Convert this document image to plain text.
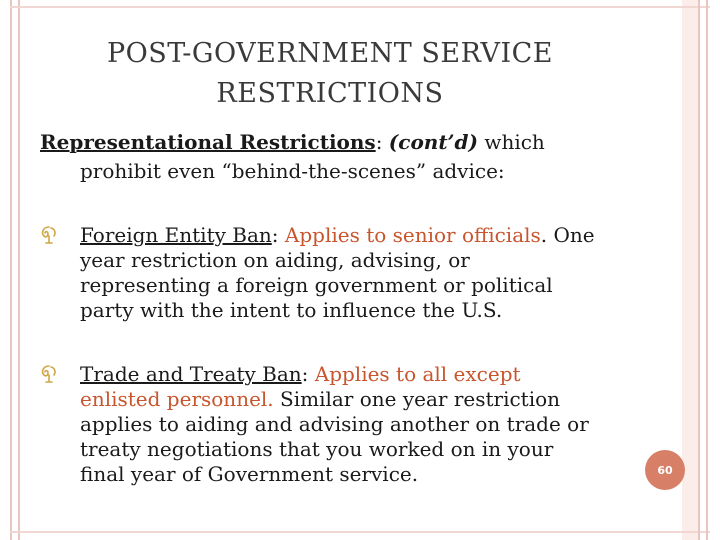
POST-GOVERNMENT SERVICE
RESTRICTIONS
Representational Restrictions: (cont’d) which
prohibit even “behind-the-scenes” advice:
Foreign Entity Ban: Applies to senior officials. One year restriction on aiding, advising, or representing a foreign government or political party with the intent to influence the U.S.
Trade and Treaty Ban: Applies to all except enlisted personnel. Similar one year restriction applies to aiding and advising another on trade or treaty negotiations that you worked on in your final year of Government service.	60
